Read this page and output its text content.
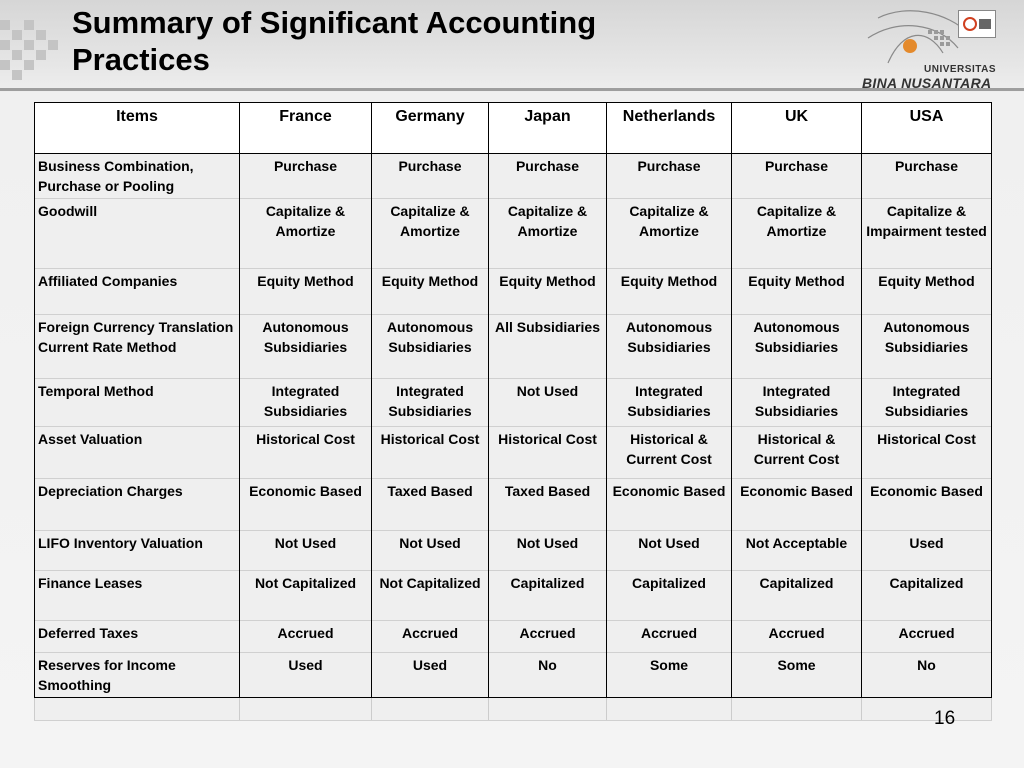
Summary of Significant Accounting Practices	UNIVERSITAS
BINA NUSANTARA
Items	France	Germany	Japan	Netherlands	UK	USA
Business Combination, Purchase or Pooling	Purchase	Purchase	Purchase	Purchase	Purchase	Purchase
Goodwill	Capitalize & Amortize	Capitalize & Amortize	Capitalize & Amortize	Capitalize & Amortize	Capitalize & Amortize	Capitalize & Impairment tested
Affiliated Companies	Equity Method	Equity Method	Equity Method	Equity Method	Equity Method	Equity Method
Foreign Currency Translation Current Rate Method	Autonomous Subsidiaries	Autonomous Subsidiaries	All Subsidiaries	Autonomous Subsidiaries	Autonomous Subsidiaries	Autonomous Subsidiaries
Temporal Method	Integrated Subsidiaries	Integrated Subsidiaries	Not Used	Integrated Subsidiaries	Integrated Subsidiaries	Integrated Subsidiaries
Asset Valuation	Historical Cost	Historical Cost	Historical Cost	Historical & Current Cost	Historical & Current Cost	Historical Cost
Depreciation Charges	Economic Based	Taxed Based	Taxed Based	Economic Based	Economic Based	Economic Based
LIFO Inventory Valuation	Not Used	Not Used	Not Used	Not Used	Not Acceptable	Used
Finance Leases	Not Capitalized	Not Capitalized	Capitalized	Capitalized	Capitalized	Capitalized
Deferred Taxes	Accrued	Accrued	Accrued	Accrued	Accrued	Accrued
Reserves for Income Smoothing	Used	Used	No	Some	Some	No

16
